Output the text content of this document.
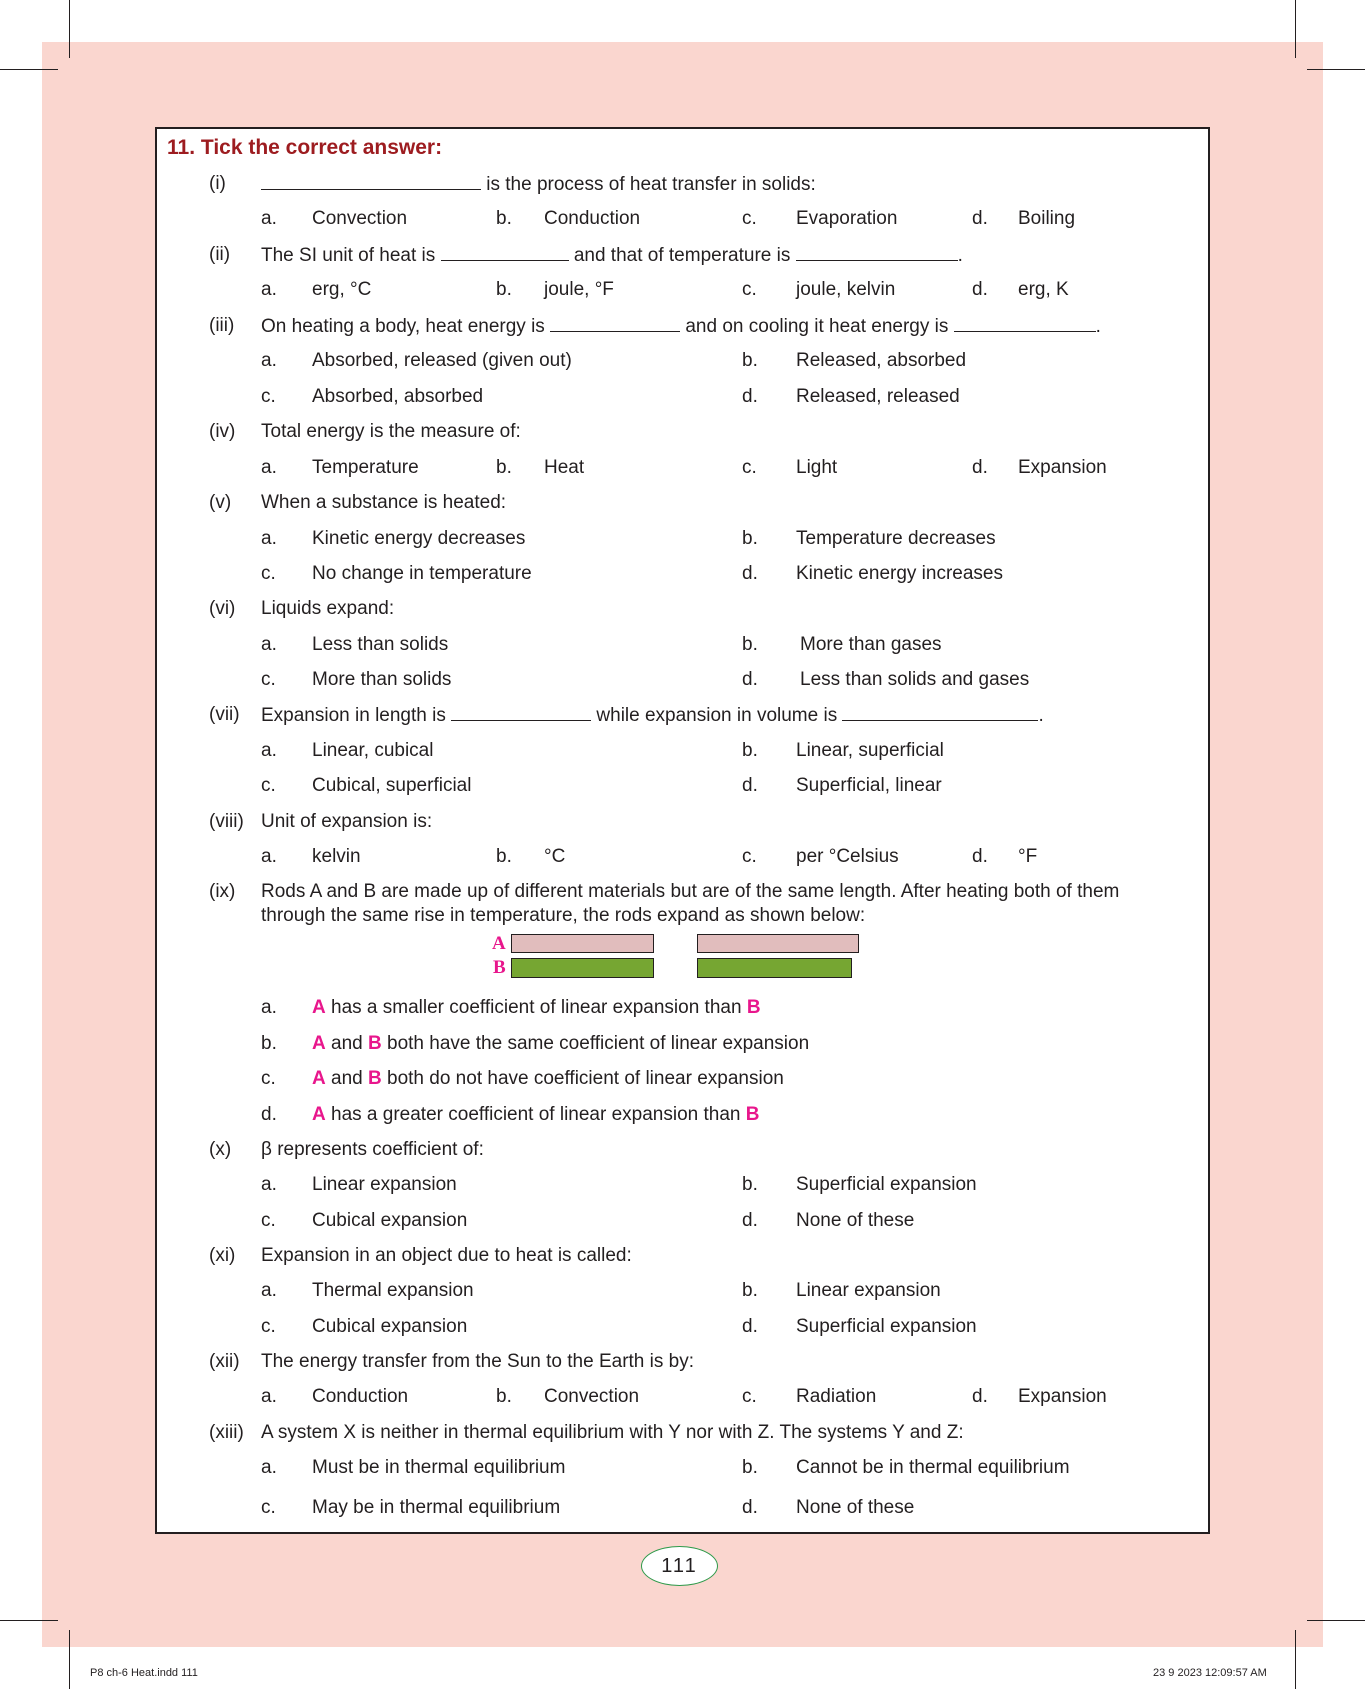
11. Tick the correct answer:
(i)	is the process of heat transfer in solids:
a. Convection	b. Conduction	c. Evaporation	d. Boiling
(ii) The SI unit of heat is	and that of temperature is	.
a. erg, °C	b. joule, °F	c. joule, kelvin	d. erg, K
(iii) On heating a body, heat energy is	and on cooling it heat energy is	.
a. Absorbed, released (given out)	b. Released, absorbed
c. Absorbed, absorbed	d. Released, released
(iv) Total energy is the measure of:
a. Temperature	b. Heat	c. Light	d. Expansion
(v) When a substance is heated:
a. Kinetic energy decreases	b. Temperature decreases
c. No change in temperature	d. Kinetic energy increases
(vi) Liquids expand:
a. Less than solids	b. More than gases
c. More than solids	d. Less than solids and gases
(vii) Expansion in length is	while expansion in volume is	.
a. Linear, cubical	b. Linear, superficial
c. Cubical, superficial	d. Superficial, linear
(viii) Unit of expansion is:
a. kelvin	b. °C	c. per °Celsius	d. °F
(ix) Rods A and B are made up of different materials but are of the same length. After heating both of them
through the same rise in temperature, the rods expand as shown below:
A
B
a. A has a smaller coefficient of linear expansion than B
b. A and B both have the same coefficient of linear expansion
c. A and B both do not have coefficient of linear expansion
d. A has a greater coefficient of linear expansion than B
(x) β represents coefficient of:
a. Linear expansion	b. Superficial expansion
c. Cubical expansion	d. None of these
(xi) Expansion in an object due to heat is called:
a. Thermal expansion	b. Linear expansion
c. Cubical expansion	d. Superficial expansion
(xii) The energy transfer from the Sun to the Earth is by:
a. Conduction	b. Convection	c. Radiation	d. Expansion
(xiii) A system X is neither in thermal equilibrium with Y nor with Z. The systems Y and Z:
a. Must be in thermal equilibrium	b. Cannot be in thermal equilibrium
c. May be in thermal equilibrium	d. None of these
111
P8 ch-6 Heat.indd 111	23 9 2023 12:09:57 AM
